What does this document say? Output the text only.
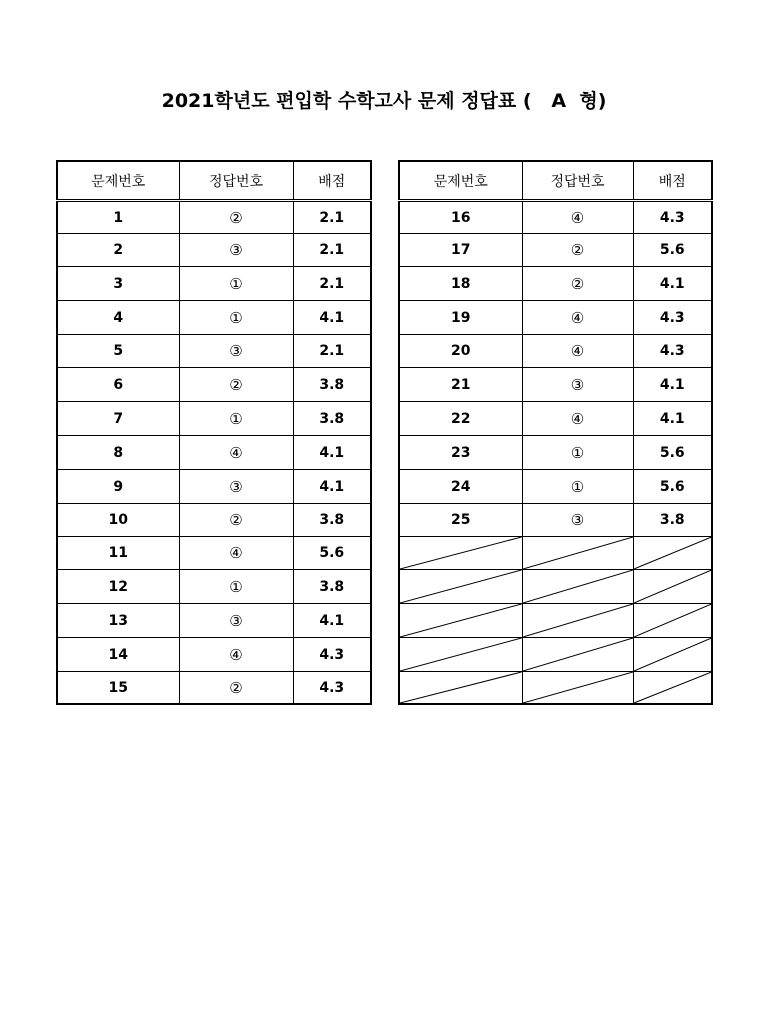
2021학년도 편입학 수학고사 문제 정답표 (   A  형)
문제번호	정답번호	배점
1	②	2.1
2	③	2.1
3	①	2.1
4	①	4.1
5	③	2.1
6	②	3.8
7	①	3.8
8	④	4.1
9	③	4.1
10	②	3.8
11	④	5.6
12	①	3.8
13	③	4.1
14	④	4.3
15	②	4.3
문제번호	정답번호	배점
16	④	4.3
17	②	5.6
18	②	4.1
19	④	4.3
20	④	4.3
21	③	4.1
22	④	4.1
23	①	5.6
24	①	5.6
25	③	3.8
